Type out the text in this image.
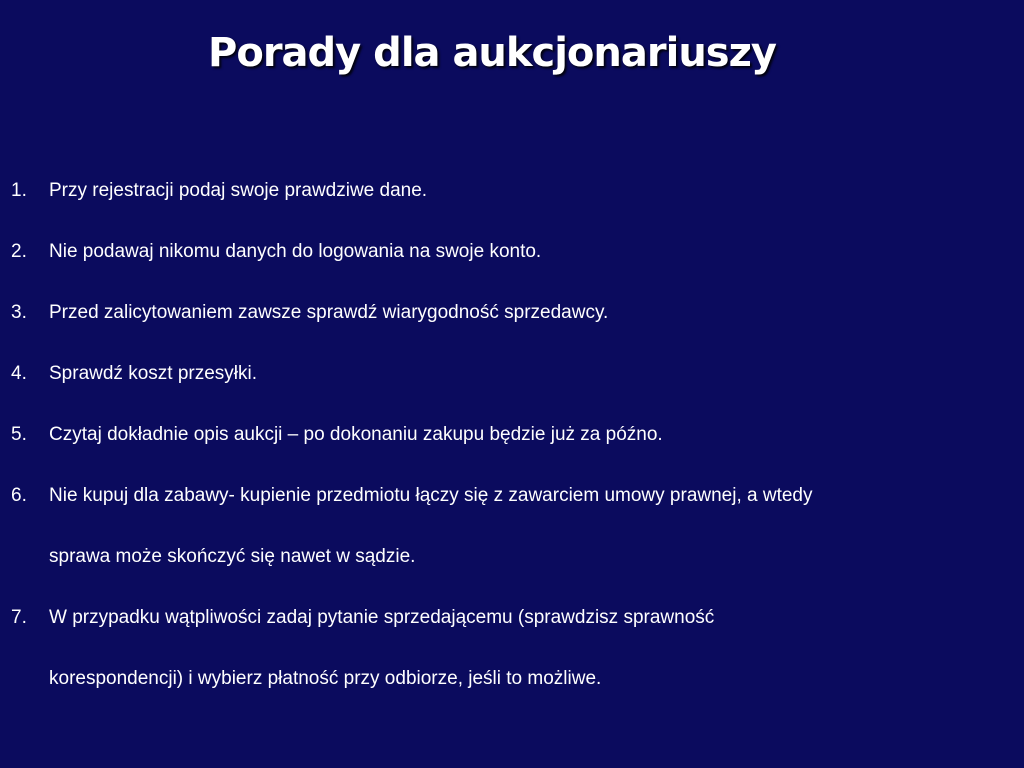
Porady dla aukcjonariuszy
1. Przy rejestracji podaj swoje prawdziwe dane.
2. Nie podawaj nikomu danych do logowania na swoje konto.
3. Przed zalicytowaniem zawsze sprawdź wiarygodność sprzedawcy.
4. Sprawdź koszt przesyłki.
5. Czytaj dokładnie opis aukcji – po dokonaniu zakupu będzie już za późno.
6. Nie kupuj dla zabawy- kupienie przedmiotu łączy się z zawarciem umowy prawnej, a wtedy
sprawa może skończyć się nawet w sądzie.
7. W przypadku wątpliwości zadaj pytanie sprzedającemu (sprawdzisz sprawność
korespondencji) i wybierz płatność przy odbiorze, jeśli to możliwe.
